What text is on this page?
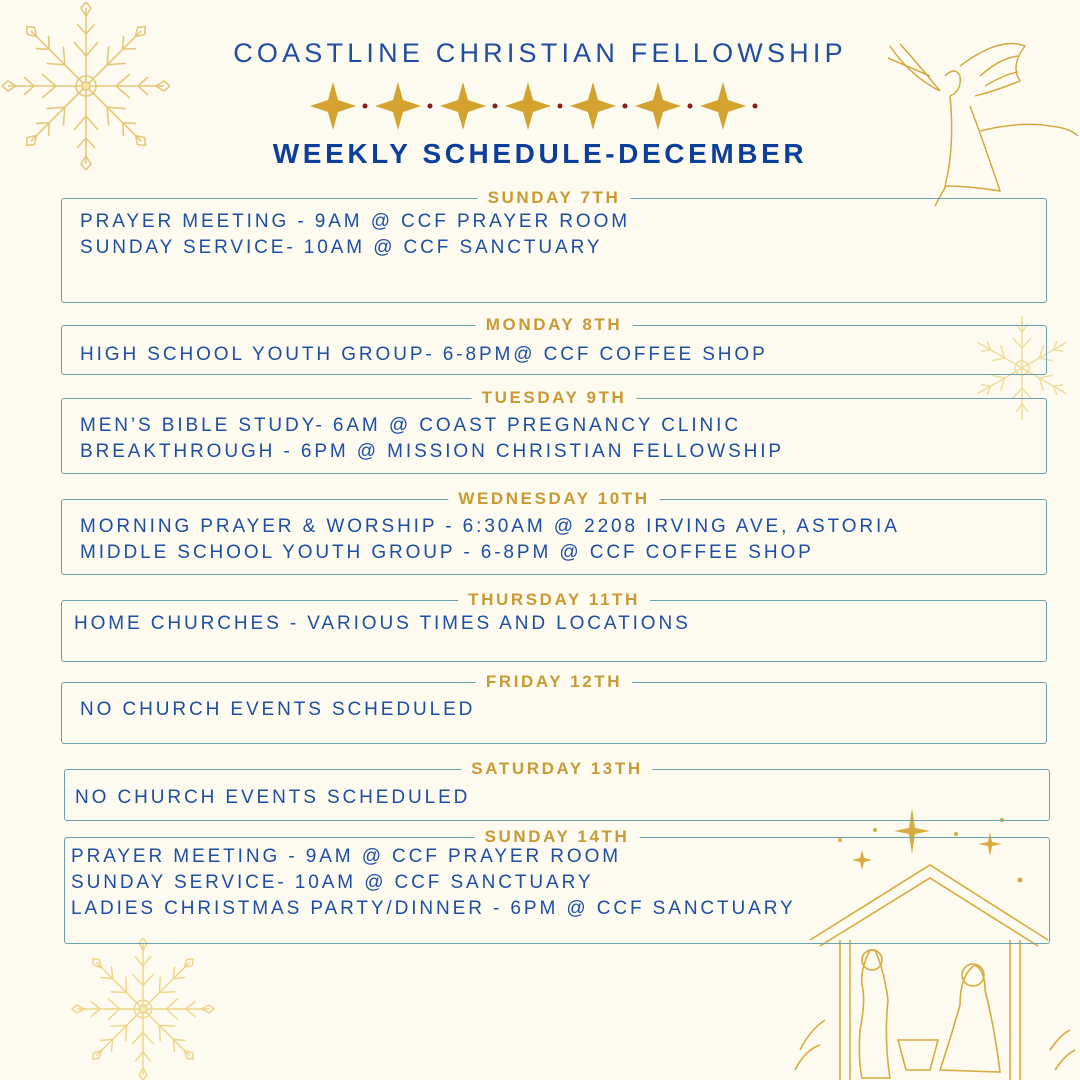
COASTLINE CHRISTIAN FELLOWSHIP
WEEKLY SCHEDULE-DECEMBER
SUNDAY 7TH
PRAYER MEETING - 9AM @ CCF PRAYER ROOM
SUNDAY SERVICE- 10AM @ CCF SANCTUARY
MONDAY 8TH
HIGH SCHOOL YOUTH GROUP- 6-8PM@ CCF COFFEE SHOP
TUESDAY 9TH
MEN’S BIBLE STUDY- 6AM @ COAST PREGNANCY CLINIC
BREAKTHROUGH - 6PM @ MISSION CHRISTIAN FELLOWSHIP
WEDNESDAY 10TH
MORNING PRAYER & WORSHIP - 6:30AM @ 2208 IRVING AVE, ASTORIA
MIDDLE SCHOOL YOUTH GROUP - 6-8PM @ CCF COFFEE SHOP
THURSDAY 11TH
HOME CHURCHES - VARIOUS TIMES AND LOCATIONS
FRIDAY 12TH
NO CHURCH EVENTS SCHEDULED
SATURDAY 13TH
NO CHURCH EVENTS SCHEDULED
SUNDAY 14TH
PRAYER MEETING - 9AM @ CCF PRAYER ROOM
SUNDAY SERVICE- 10AM @ CCF SANCTUARY
LADIES CHRISTMAS PARTY/DINNER - 6PM @ CCF SANCTUARY
